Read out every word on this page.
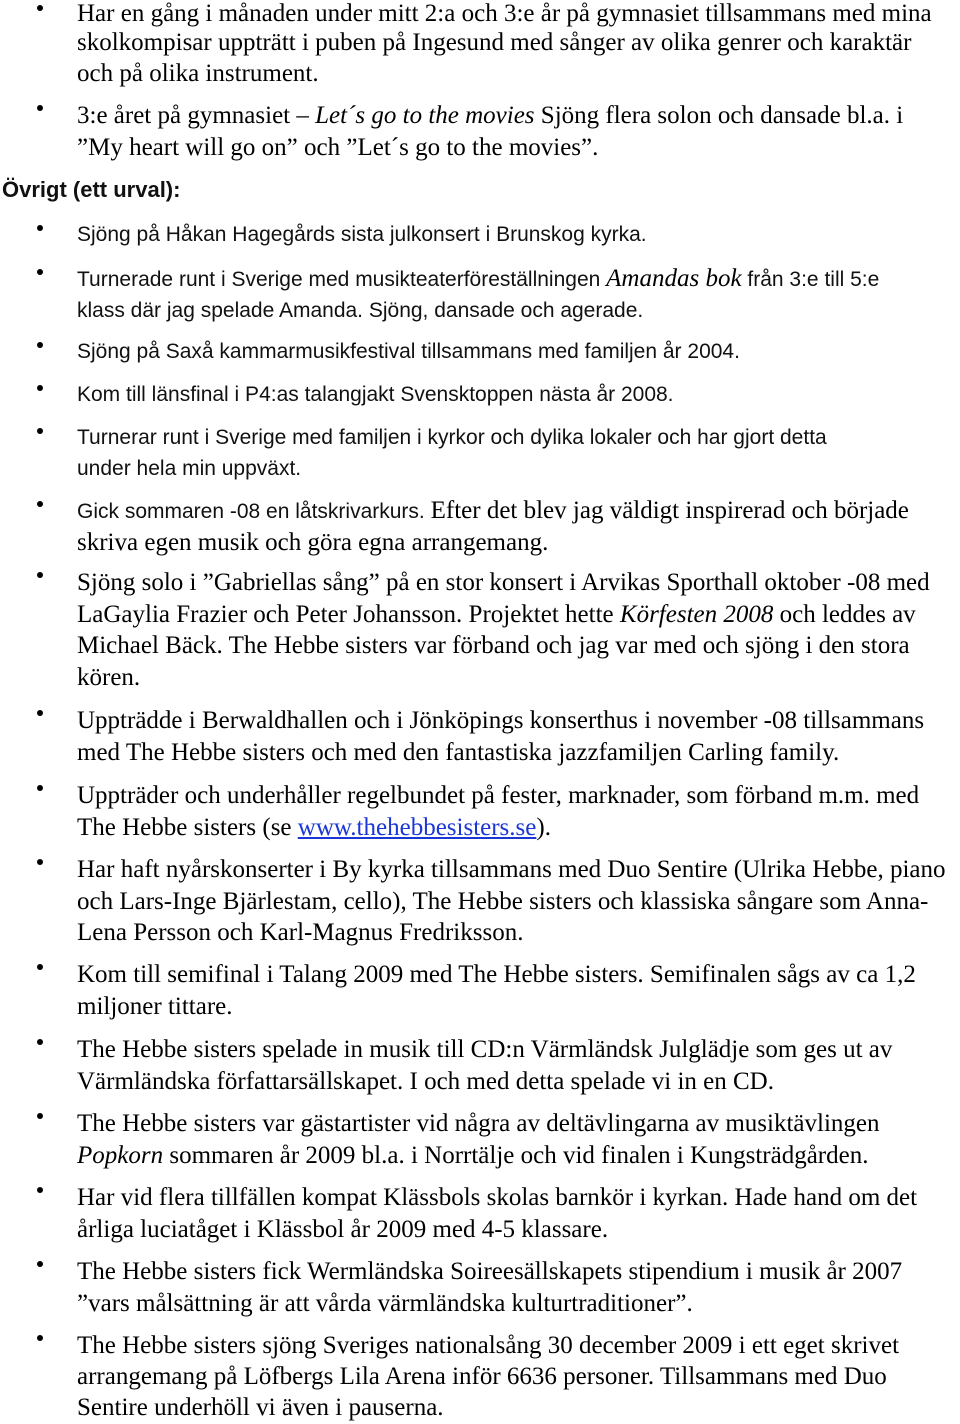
Har en gång i månaden under mitt 2:a och 3:e år på gymnasiet tillsammans med mina
skolkompisar uppträtt i puben på Ingesund med sånger av olika genrer och karaktär
och på olika instrument.
3:e året på gymnasiet – Let´s go to the movies Sjöng flera solon och dansade bl.a. i
”My heart will go on” och ”Let´s go to the movies”.
Övrigt (ett urval):
Sjöng på Håkan Hagegårds sista julkonsert i Brunskog kyrka.
Turnerade runt i Sverige med musikteaterföreställningen Amandas bok från 3:e till 5:e
klass där jag spelade Amanda. Sjöng, dansade och agerade.
Sjöng på Saxå kammarmusikfestival tillsammans med familjen år 2004.
Kom till länsfinal i P4:as talangjakt Svensktoppen nästa år 2008.
Turnerar runt i Sverige med familjen i kyrkor och dylika lokaler och har gjort detta
under hela min uppväxt.
Gick sommaren -08 en låtskrivarkurs. Efter det blev jag väldigt inspirerad och började
skriva egen musik och göra egna arrangemang.
Sjöng solo i ”Gabriellas sång” på en stor konsert i Arvikas Sporthall oktober -08 med
LaGaylia Frazier och Peter Johansson. Projektet hette Körfesten 2008 och leddes av
Michael Bäck. The Hebbe sisters var förband och jag var med och sjöng i den stora
kören.
Uppträdde i Berwaldhallen och i Jönköpings konserthus i november -08 tillsammans
med The Hebbe sisters och med den fantastiska jazzfamiljen Carling family.
Uppträder och underhåller regelbundet på fester, marknader, som förband m.m. med
The Hebbe sisters (se www.thehebbesisters.se).
Har haft nyårskonserter i By kyrka tillsammans med Duo Sentire (Ulrika Hebbe, piano
och Lars-Inge Bjärlestam, cello), The Hebbe sisters och klassiska sångare som Anna-
Lena Persson och Karl-Magnus Fredriksson.
Kom till semifinal i Talang 2009 med The Hebbe sisters. Semifinalen sågs av ca 1,2
miljoner tittare.
The Hebbe sisters spelade in musik till CD:n Värmländsk Julglädje som ges ut av
Värmländska författarsällskapet. I och med detta spelade vi in en CD.
The Hebbe sisters var gästartister vid några av deltävlingarna av musiktävlingen
Popkorn sommaren år 2009 bl.a. i Norrtälje och vid finalen i Kungsträdgården.
Har vid flera tillfällen kompat Klässbols skolas barnkör i kyrkan. Hade hand om det
årliga luciatåget i Klässbol år 2009 med 4-5 klassare.
The Hebbe sisters fick Wermländska Soireesällskapets stipendium i musik år 2007
”vars målsättning är att vårda värmländska kulturtraditioner”.
The Hebbe sisters sjöng Sveriges nationalsång 30 december 2009 i ett eget skrivet
arrangemang på Löfbergs Lila Arena inför 6636 personer. Tillsammans med Duo
Sentire underhöll vi även i pauserna.
